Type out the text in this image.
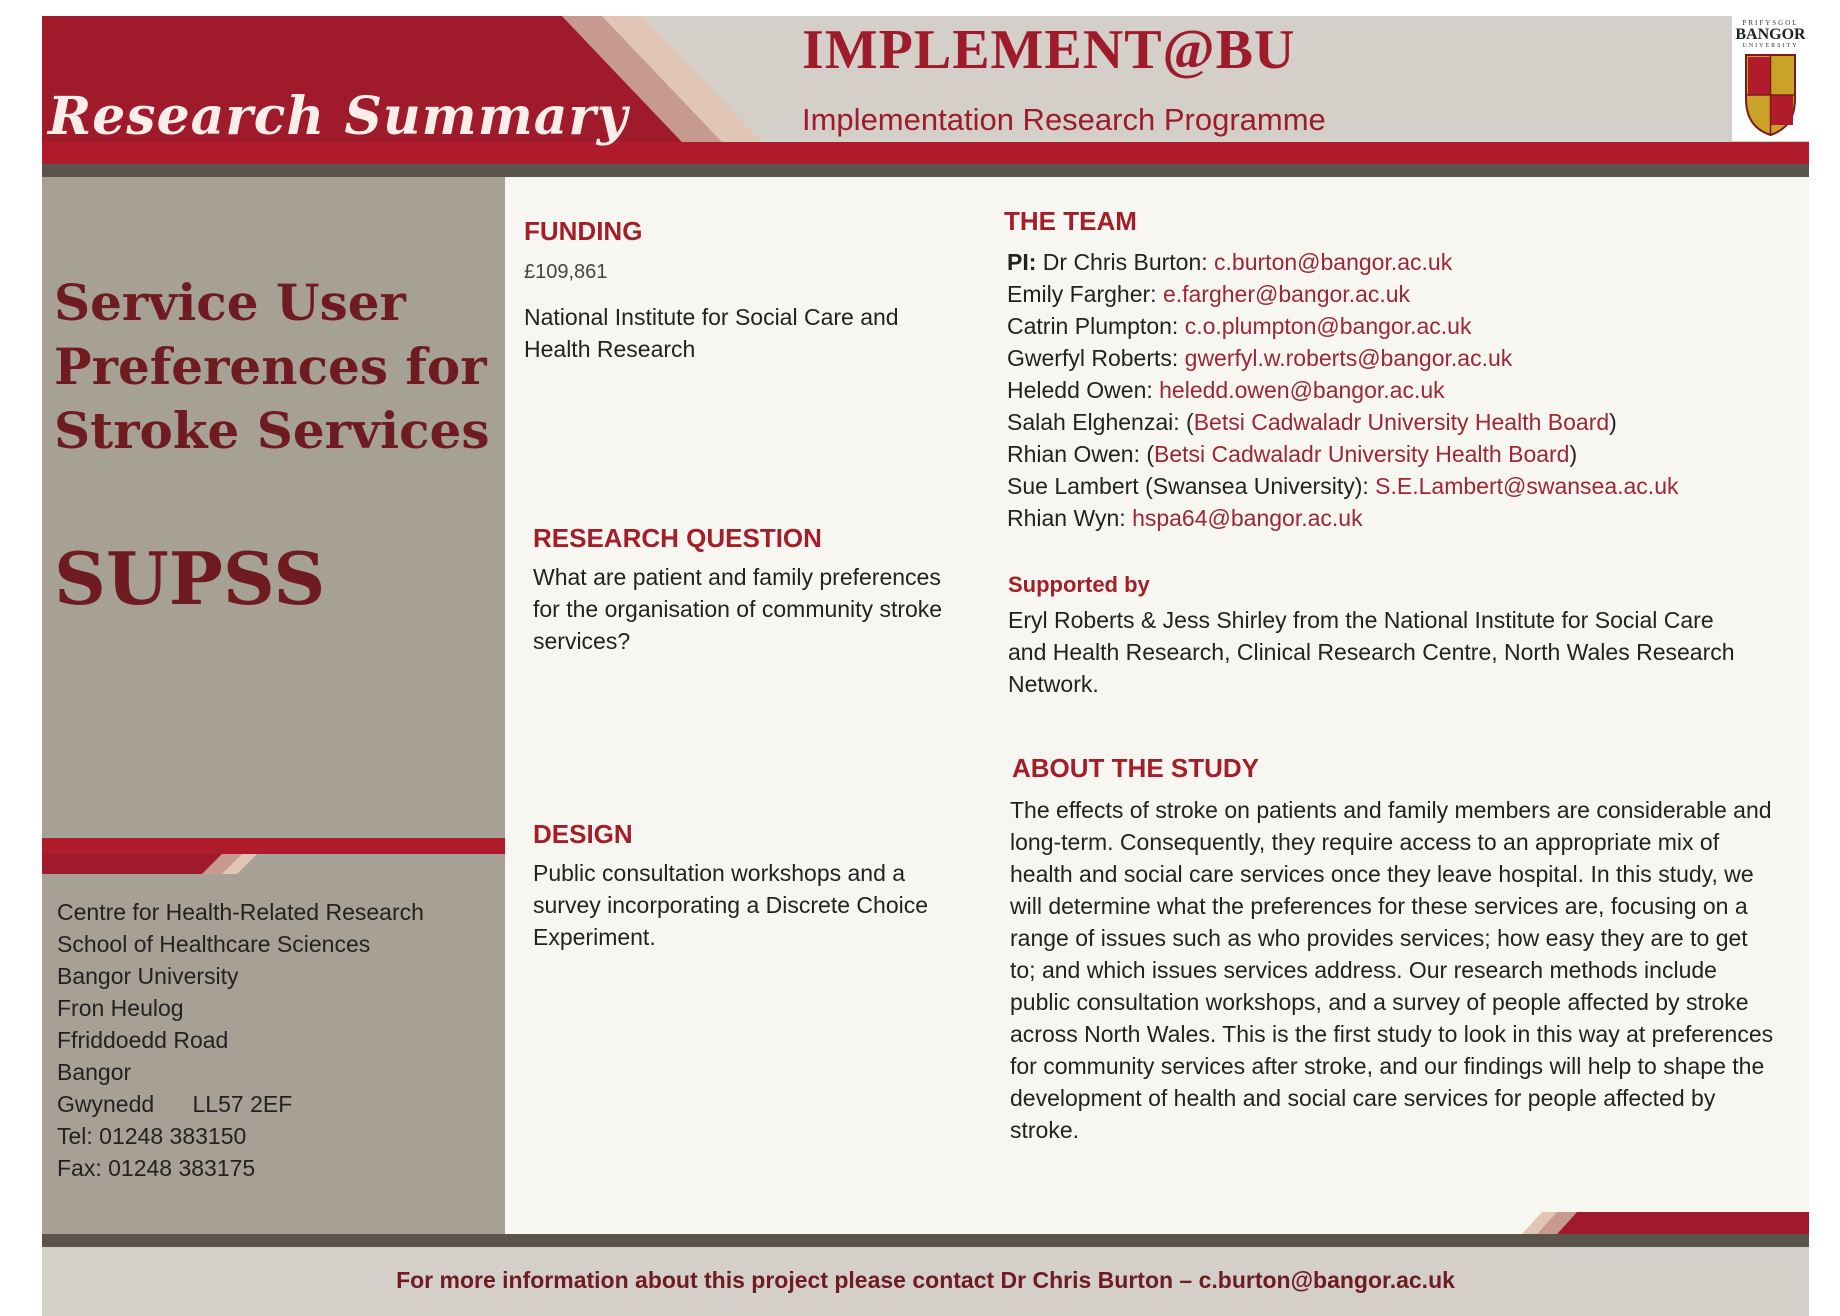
Research Summary
IMPLEMENT@BU
Implementation Research Programme
PRIFYSGOL
BANGOR
UNIVERSITY
Service User
Preferences for
Stroke Services
SUPSS
Centre for Health-Related Research
School of Healthcare Sciences
Bangor University
Fron Heulog
Ffriddoedd Road
Bangor
Gwynedd      LL57 2EF
Tel: 01248 383150
Fax: 01248 383175
FUNDING
£109,861
National Institute for Social Care and Health Research
RESEARCH QUESTION
What are patient and family preferences for the organisation of community stroke services?
DESIGN
Public consultation workshops and a survey incorporating a Discrete Choice Experiment.
THE TEAM
PI: Dr Chris Burton: c.burton@bangor.ac.uk
Emily Fargher: e.fargher@bangor.ac.uk
Catrin Plumpton: c.o.plumpton@bangor.ac.uk
Gwerfyl Roberts: gwerfyl.w.roberts@bangor.ac.uk
Heledd Owen: heledd.owen@bangor.ac.uk
Salah Elghenzai: (Betsi Cadwaladr University Health Board)
Rhian Owen: (Betsi Cadwaladr University Health Board)
Sue Lambert (Swansea University): S.E.Lambert@swansea.ac.uk
Rhian Wyn: hspa64@bangor.ac.uk
Supported by
Eryl Roberts & Jess Shirley from the National Institute for Social Care and Health Research, Clinical Research Centre, North Wales Research Network.
ABOUT THE STUDY
The effects of stroke on patients and family members are considerable and long-term. Consequently, they require access to an appropriate mix of health and social care services once they leave hospital. In this study, we will determine what the preferences for these services are, focusing on a range of issues such as who provides services; how easy they are to get to; and which issues services address. Our research methods include public consultation workshops, and a survey of people affected by stroke across North Wales. This is the first study to look in this way at preferences for community services after stroke, and our findings will help to shape the development of health and social care services for people affected by stroke.
For more information about this project please contact Dr Chris Burton – c.burton@bangor.ac.uk
